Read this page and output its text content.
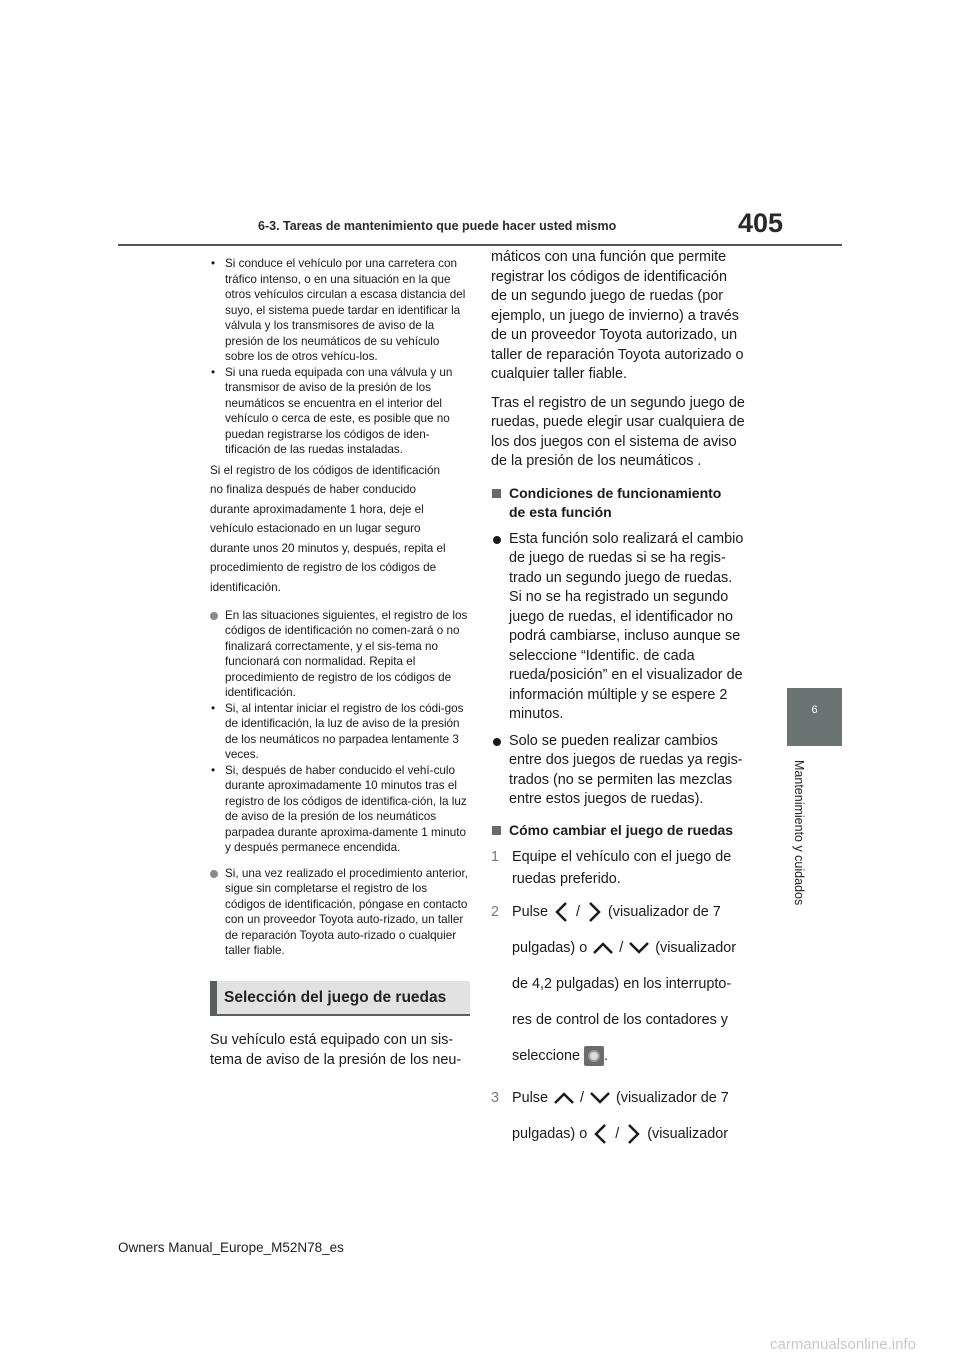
6-3. Tareas de mantenimiento que puede hacer usted mismo	405
6
Mantenimiento y cuidados

• Si conduce el vehículo por una carretera con tráfico intenso, o en una situación en la que otros vehículos circulan a escasa distancia del suyo, el sistema puede tardar en identificar la válvula y los transmisores de aviso de la presión de los neumáticos de su vehículo sobre los de otros vehícu-los.

• Si una rueda equipada con una válvula y un transmisor de aviso de la presión de los neumáticos se encuentra en el interior del vehículo o cerca de este, es posible que no puedan registrarse los códigos de iden-tificación de las ruedas instaladas.

Si el registro de los códigos de identificación
no finaliza después de haber conducido
durante aproximadamente 1 hora, deje el
vehículo estacionado en un lugar seguro
durante unos 20 minutos y, después, repita el
procedimiento de registro de los códigos de
identificación.

En las situaciones siguientes, el registro de los códigos de identificación no comen-zará o no finalizará correctamente, y el sis-tema no funcionará con normalidad. Repita el procedimiento de registro de los códigos de identificación.

• Si, al intentar iniciar el registro de los códi-gos de identificación, la luz de aviso de la presión de los neumáticos no parpadea lentamente 3 veces.

• Si, después de haber conducido el vehí-culo durante aproximadamente 10 minutos tras el registro de los códigos de identifica-ción, la luz de aviso de la presión de los neumáticos parpadea durante aproxima-damente 1 minuto y después permanece encendida.

Si, una vez realizado el procedimiento anterior, sigue sin completarse el registro de los códigos de identificación, póngase en contacto con un proveedor Toyota auto-rizado, un taller de reparación Toyota auto-rizado o cualquier taller fiable.
Selección del juego de ruedas

Su vehículo está equipado con un sis-
tema de aviso de la presión de los neu-

máticos con una función que permite
registrar los códigos de identificación
de un segundo juego de ruedas (por
ejemplo, un juego de invierno) a través
de un proveedor Toyota autorizado, un
taller de reparación Toyota autorizado o
cualquier taller fiable.

Tras el registro de un segundo juego de
ruedas, puede elegir usar cualquiera de
los dos juegos con el sistema de aviso
de la presión de los neumáticos .

Condiciones de funcionamiento
de esta función
Esta función solo realizará el cambio
de juego de ruedas si se ha regis-
trado un segundo juego de ruedas.
Si no se ha registrado un segundo
juego de ruedas, el identificador no
podrá cambiarse, incluso aunque se
seleccione “Identific. de cada
rueda/posición” en el visualizador de
información múltiple y se espere 2
minutos.
Solo se pueden realizar cambios
entre dos juegos de ruedas ya regis-
trados (no se permiten las mezclas
entre estos juegos de ruedas).
Cómo cambiar el juego de ruedas
1 Equipe el vehículo con el juego de
ruedas preferido.
2 Pulse / (visualizador de 7
pulgadas) o / (visualizador
de 4,2 pulgadas) en los interrupto-
res de control de los contadores y
seleccione .
3 Pulse / (visualizador de 7
pulgadas) o / (visualizador
Owners Manual_Europe_M52N78_es
carmanualsonline.info
